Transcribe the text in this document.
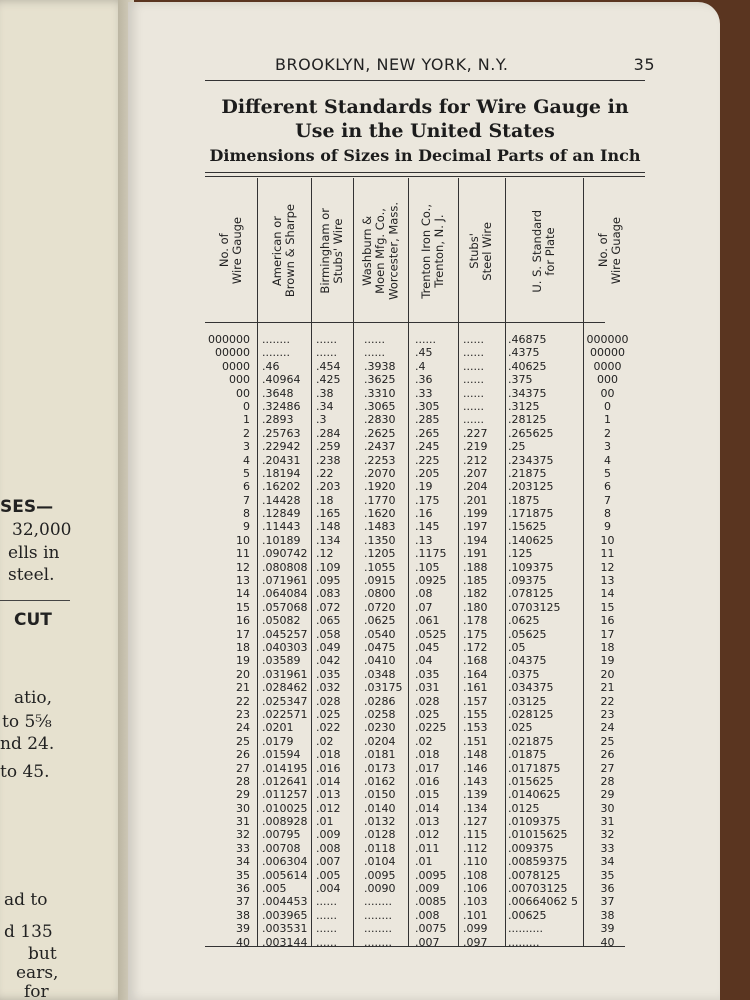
SES—
32,000
ells in
steel.
CUT
atio,
to 5⅝
nd 24.
to 45.
ad to
d 135
but
ears,
for
BROOKLYN, NEW YORK, N.Y.	35
Different Standards for Wire Gauge in
Use in the United States
Dimensions of Sizes in Decimal Parts of an Inch
No. of
Wire Gauge American or
Brown & Sharpe Birmingham or
Stubs' Wire Washburn &
Moen Mfg. Co.,
Worcester, Mass.
Trenton Iron Co.,
Trenton, N. J.
Stubs'
Steel Wire
U. S. Standard
for Plate
No. of
Wire Guage
000000
00000
0000
000
00
0
1
2
3
4
5
6
7
8
9
10
11
12
13
14
15
16
17
18
19
20
21
22
23
24
25
26
27
28
29
30
31
32
33
34
35
36
37
38
39
40
........
........
.46
.40964
.3648
.32486
.2893
.25763
.22942
.20431
.18194
.16202
.14428
.12849
.11443
.10189
.090742
.080808
.071961
.064084
.057068
.05082
.045257
.040303
.03589
.031961
.028462
.025347
.022571
.0201
.0179
.01594
.014195
.012641
.011257
.010025
.008928
.00795
.00708
.006304
.005614
.005
.004453
.003965
.003531
.003144
......
......
.454
.425
.38
.34
.3
.284
.259
.238
.22
.203
.18
.165
.148
.134
.12
.109
.095
.083
.072
.065
.058
.049
.042
.035
.032
.028
.025
.022
.02
.018
.016
.014
.013
.012
.01
.009
.008
.007
.005
.004
......
......
......
......
......
......
.3938
.3625
.3310
.3065
.2830
.2625
.2437
.2253
.2070
.1920
.1770
.1620
.1483
.1350
.1205
.1055
.0915
.0800
.0720
.0625
.0540
.0475
.0410
.0348
.03175
.0286
.0258
.0230
.0204
.0181
.0173
.0162
.0150
.0140
.0132
.0128
.0118
.0104
.0095
.0090
........
........
........
........
......
.45
.4
.36
.33
.305
.285
.265
.245
.225
.205
.19
.175
.16
.145
.13
.1175
.105
.0925
.08
.07
.061
.0525
.045
.04
.035
.031
.028
.025
.0225
.02
.018
.017
.016
.015
.014
.013
.012
.011
.01
.0095
.009
.0085
.008
.0075
.007
......
......
......
......
......
......
......
.227
.219
.212
.207
.204
.201
.199
.197
.194
.191
.188
.185
.182
.180
.178
.175
.172
.168
.164
.161
.157
.155
.153
.151
.148
.146
.143
.139
.134
.127
.115
.112
.110
.108
.106
.103
.101
.099
.097
.46875
.4375
.40625
.375
.34375
.3125
.28125
.265625
.25
.234375
.21875
.203125
.1875
.171875
.15625
.140625
.125
.109375
.09375
.078125
.0703125
.0625
.05625
.05
.04375
.0375
.034375
.03125
.028125
.025
.021875
.01875
.0171875
.015625
.0140625
.0125
.0109375
.01015625
.009375
.00859375
.0078125
.00703125
.00664062 5
.00625
..........
.........
000000
00000
0000
000
00
0
1
2
3
4
5
6
7
8
9
10
11
12
13
14
15
16
17
18
19
20
21
22
23
24
25
26
27
28
29
30
31
32
33
34
35
36
37
38
39
40
